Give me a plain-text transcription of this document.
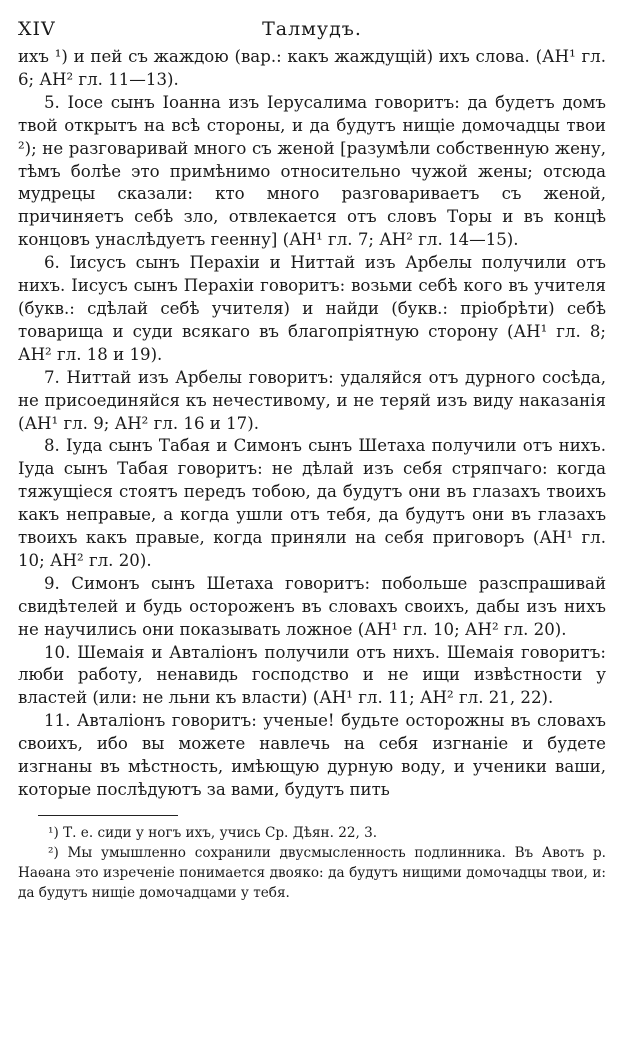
XIV	Талмудъ.

ихъ ¹) и пей съ жаждою (вар.: какъ жаждущій) ихъ слова. (АН¹ гл. 6; АН² гл. 11—13).

5. Іосе сынъ Іоанна изъ Іерусалима говоритъ: да будетъ домъ твой открытъ на всѣ стороны, и да будутъ нищіе домочадцы твои ²); не разговаривай много съ женой [разумѣли собственную жену, тѣмъ болѣе это примѣнимо относительно чужой жены; отсюда мудрецы сказали: кто много разговариваетъ съ женой, причиняетъ себѣ зло, отвлекается отъ словъ Торы и въ концѣ концовъ унаслѣдуетъ геенну] (АН¹ гл. 7; АН² гл. 14—15).

6. Іисусъ сынъ Перахіи и Ниттай изъ Арбелы получили отъ нихъ. Іисусъ сынъ Перахіи говоритъ: возьми себѣ кого въ учителя (букв.: сдѣлай себѣ учителя) и найди (букв.: пріобрѣти) себѣ товарища и суди всякаго въ благопріятную сторону (АН¹ гл. 8; АН² гл. 18 и 19).

7. Ниттай изъ Арбелы говоритъ: удаляйся отъ дурного сосѣда, не присоединяйся къ нечестивому, и не теряй изъ виду наказанія (АН¹ гл. 9; АН² гл. 16 и 17).

8. Іуда сынъ Табая и Симонъ сынъ Шетаха получили отъ нихъ. Іуда сынъ Табая говоритъ: не дѣлай изъ себя стряпчаго: когда тяжущіеся стоятъ передъ тобою, да будутъ они въ глазахъ твоихъ какъ неправые, а когда ушли отъ тебя, да будутъ они въ глазахъ твоихъ какъ правые, когда приняли на себя приговоръ (АН¹ гл. 10; АН² гл. 20).

9. Симонъ сынъ Шетаха говоритъ: побольше разспрашивай свидѣтелей и будь остороженъ въ словахъ своихъ, дабы изъ нихъ не научились они показывать ложное (АН¹ гл. 10; АН² гл. 20).

10. Шемаія и Авталіонъ получили отъ нихъ. Шемаія говоритъ: люби работу, ненавидь господство и не ищи извѣстности у властей (или: не льни къ власти) (АН¹ гл. 11; АН² гл. 21, 22).

11. Авталіонъ говоритъ: ученые! будьте осторожны въ словахъ своихъ, ибо вы можете навлечь на себя изгнаніе и будете изгнаны въ мѣстность, имѣющую дурную воду, и ученики ваши, которые послѣдуютъ за вами, будутъ пить

¹) Т. е. сиди у ногъ ихъ, учись Ср. Дѣян. 22, 3.

²) Мы умышленно сохранили двусмысленность подлинника. Въ Авотъ р. Наѳана это изреченіе понимается двояко: да будутъ нищими домочадцы твои, и: да будутъ нищіе домочадцами у тебя.
